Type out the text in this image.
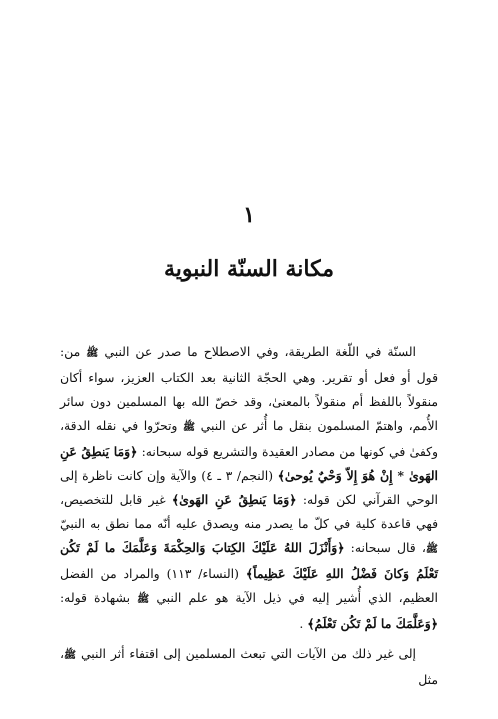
١
مكانة السنّة النبوية

السنّة في اللّغة الطريقة، وفي الاصطلاح ما صدر عن النبي ﷺ من: قول أو فعل أو تقرير. وهي الحجّة الثانية بعد الكتاب العزيز، سواء أكان منقولاً باللفظ أم منقولاً بالمعنىٰ، وقد خصّ الله بها المسلمين دون سائر الأُمم، واهتمّ المسلمون بنقل ما أُثر عن النبي ﷺ وتحرّوا في نقله الدقة، وكفىٰ في كونها من مصادر العقيدة والتشريع قوله سبحانه: ﴿وَمَا يَنطِقُ عَنِ الهَوىٰ * إِنْ هُوَ إِلاّ وَحْيٌ يُوحىٰ﴾ (النجم/ ٣ ـ ٤) والآية وإن كانت ناظرة إلى الوحي القرآني لكن قوله: ﴿وَمَا يَنطِقُ عَنِ الهَوىٰ﴾ غير قابل للتخصيص، فهي قاعدة كلية في كلّ ما يصدر منه ويصدق عليه أنّه مما نطق به النبيّ ﷺ، قال سبحانه: ﴿وَأَنْزَلَ اللهُ عَلَيْكَ الكِتابَ وَالحِكْمَةَ وَعَلَّمَكَ ما لَمْ تَكُن تَعْلَمُ وَكانَ فَضْلُ اللهِ عَلَيْكَ عَظِيماً﴾ (النساء/ ١١٣) والمراد من الفضل العظيم، الذي أُشير إليه في ذيل الآية هو علم النبي ﷺ بشهادة قوله: ﴿وَعَلَّمَكَ ما لَمْ تَكُن تَعْلَمُ﴾ .

إلى غير ذلك من الآيات التي تبعث المسلمين إلى اقتفاء أثر النبي ﷺ، مثل
